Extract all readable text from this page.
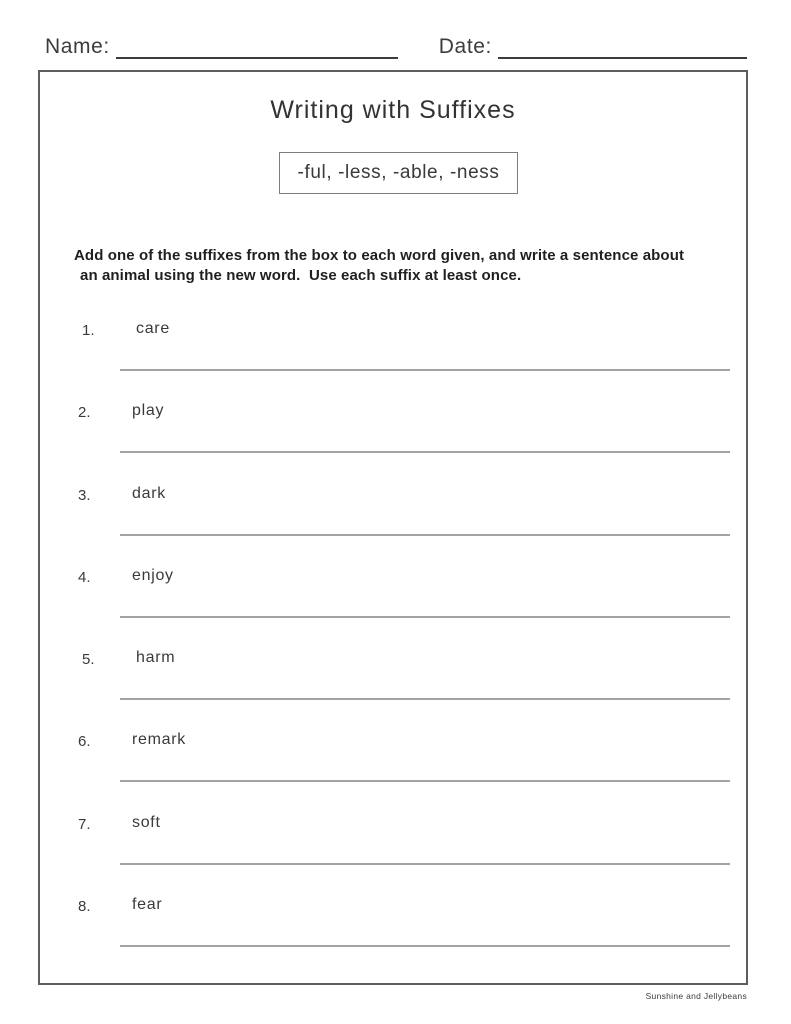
Name:	Date:
Writing with Suffixes
-ful, -less, -able, -ness
Add one of the suffixes from the box to each word given, and write a sentence about
an animal using the new word.  Use each suffix at least once.
1.	care
2.	play
3.	dark
4.	enjoy
5.	harm
6.	remark
7.	soft
8.	fear
Sunshine and Jellybeans
